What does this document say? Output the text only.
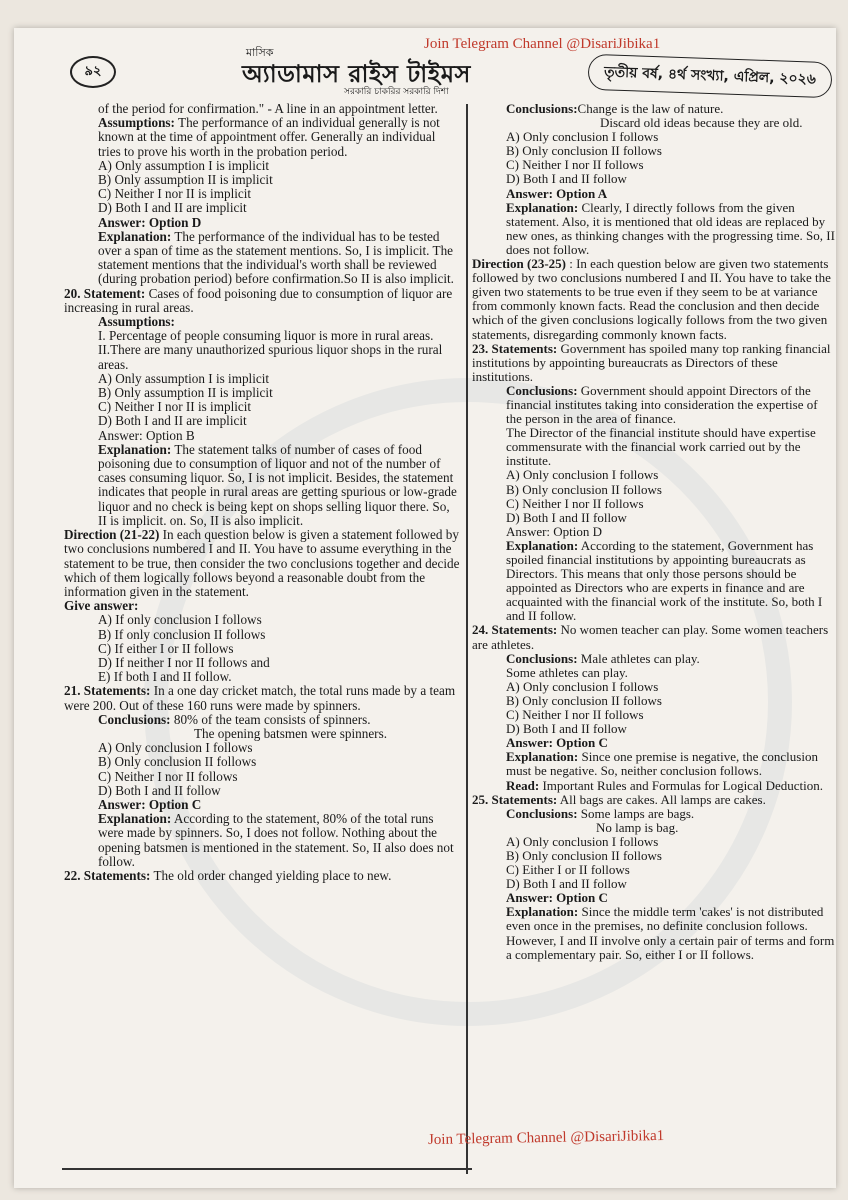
৯২
মাসিক
অ্যাডামাস রাইস টাইমস
সরকারি চাকরির সরকারি দিশা
Join Telegram Channel @DisariJibika1
তৃতীয় বর্ষ, ৪র্থ সংখ্যা, এপ্রিল, ২০২৬

of the period for confirmation." - A line in an appointment letter.

Assumptions: The performance of an individual generally is not known at the time of appointment offer. Generally an individual tries to prove his worth in the probation period.

A) Only assumption I is implicit

B) Only assumption II is implicit

C) Neither I nor II is implicit

D) Both I and II are implicit

Answer: Option D

Explanation: The performance of the individual has to be tested over a span of time as the statement mentions. So, I is implicit. The statement mentions that the individual's worth shall be reviewed (during probation period) before confirmation.So II is also implicit.

20. Statement: Cases of food poisoning due to consumption of liquor are increasing in rural areas.

Assumptions:

I. Percentage of people consuming liquor is more in rural areas.

II.There are many unauthorized spurious liquor shops in the rural areas.

A) Only assumption I is implicit

B) Only assumption II is implicit

C) Neither I nor II is implicit

D) Both I and II are implicit

Answer: Option B

Explanation: The statement talks of number of cases of food poisoning due to consumption of liquor and not of the number of cases consuming liquor. So, I is not implicit. Besides, the statement indicates that people in rural areas are getting spurious or low-grade liquor and no check is being kept on shops selling liquor there. So, II is implicit. on. So, II is also implicit.

Direction (21-22) In each question below is given a statement followed by two conclusions numbered I and II. You have to assume everything in the statement to be true, then consider the two conclusions together and decide which of them logically follows beyond a reasonable doubt from the information given in the statement.

Give answer:

A) If only conclusion I follows

B) If only conclusion II follows

C) If either I or II follows

D) If neither I nor II follows and

E) If both I and II follow.

21. Statements: In a one day cricket match, the total runs made by a team were 200. Out of these 160 runs were made by spinners.

Conclusions: 80% of the team consists of spinners.

The opening batsmen were spinners.

A) Only conclusion I follows

B) Only conclusion II follows

C) Neither I nor II follows

D) Both I and II follow

Answer: Option C

Explanation: According to the statement, 80% of the total runs were made by spinners. So, I does not follow. Nothing about the opening batsmen is mentioned in the statement. So, II also does not follow.

22. Statements: The old order changed yielding place to new.

Conclusions:Change is the law of nature.

Discard old ideas because they are old.

A) Only conclusion I follows

B) Only conclusion II follows

C) Neither I nor II follows

D) Both I and II follow

Answer: Option A

Explanation: Clearly, I directly follows from the given statement. Also, it is mentioned that old ideas are replaced by new ones, as thinking changes with the progressing time. So, II does not follow.

Direction (23-25) : In each question below are given two statements followed by two conclusions numbered I and II. You have to take the given two statements to be true even if they seem to be at variance from commonly known facts. Read the conclusion and then decide which of the given conclusions logically follows from the two given statements, disregarding commonly known facts.

23. Statements: Government has spoiled many top ranking financial institutions by appointing bureaucrats as Directors of these institutions.

Conclusions: Government should appoint Directors of the financial institutes taking into consideration the expertise of the person in the area of finance.

The Director of the financial institute should have expertise commensurate with the financial work carried out by the institute.

A) Only conclusion I follows

B) Only conclusion II follows

C) Neither I nor II follows

D) Both I and II follow

Answer: Option D

Explanation: According to the statement, Government has spoiled financial institutions by appointing bureaucrats as Directors. This means that only those persons should be appointed as Directors who are experts in finance and are acquainted with the financial work of the institute. So, both I and II follow.

24. Statements: No women teacher can play. Some women teachers are athletes.

Conclusions: Male athletes can play.

Some athletes can play.

A) Only conclusion I follows

B) Only conclusion II follows

C) Neither I nor II follows

D) Both I and II follow

Answer: Option C

Explanation: Since one premise is negative, the conclusion must be negative. So, neither conclusion follows.

Read: Important Rules and Formulas for Logical Deduction.

25. Statements: All bags are cakes. All lamps are cakes.

Conclusions: Some lamps are bags.

No lamp is bag.

A) Only conclusion I follows

B) Only conclusion II follows

C) Either I or II follows

D) Both I and II follow

Answer: Option C

Explanation: Since the middle term 'cakes' is not distributed even once in the premises, no definite conclusion follows. However, I and II involve only a certain pair of terms and form a complementary pair. So, either I or II follows.

Join Telegram Channel @DisariJibika1
